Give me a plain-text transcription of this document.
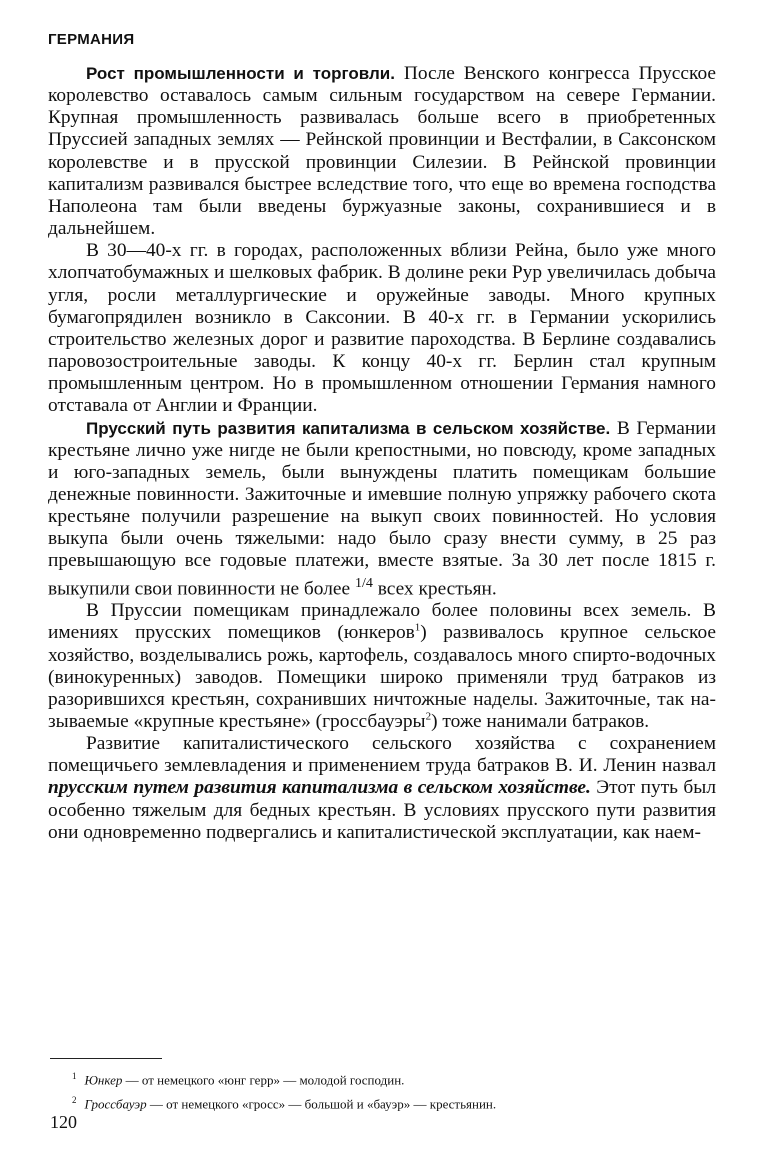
ГЕРМАНИЯ

Рост промышленности и торговли. После Венского конгресса Прусское королевство оставалось самым сильным государством на севере Германии. Крупная промышленность развивалась больше всего в приобретенных Пруссией западных землях — Рейнской провинции и Вестфалии, в Саксонском королевстве и в прусской провинции Силезии. В Рейнской провинции капитализм развивался быстрее вследствие того, что еще во времена господства Наполеона там были введены буржуазные законы, сохранившиеся и в дальнейшем.

В 30—40-х гг. в городах, расположенных вблизи Рейна, было уже много хлопчатобумажных и шелковых фабрик. В долине реки Рур увеличилась добыча угля, росли металлургические и оружейные заводы. Много крупных бумагопрядилен возникло в Саксонии. В 40-х гг. в Германии ускорились строительство железных дорог и развитие пароходства. В Берлине создавались паровозостроительные заводы. К концу 40-х гг. Берлин стал крупным промышленным центром. Но в промышленном отношении Германия намного отставала от Англии и Франции.

Прусский путь развития капитализма в сельском хозяйстве. В Германии крестьяне лично уже нигде не были крепостными, но повсюду, кроме западных и юго-западных земель, были вынуждены платить помещикам большие денежные повинности. Зажиточные и имевшие полную упряжку рабочего скота крестьяне получили разрешение на выкуп своих повинностей. Но условия выкупа были очень тяжелыми: надо было сразу внести сумму, в 25 раз превышающую все годовые платежи, вместе взятые. За 30 лет после 1815 г. выкупили свои повинности не более $^{1/4}$ всех крестьян.

В Пруссии помещикам принадлежало более половины всех земель. В имениях прусских помещиков (юнкеров$^1$) развивалось крупное сельское хозяйство, возделывались рожь, картофель, создавалось много спирто-водочных (винокуренных) заводов. Помещики широко применяли труд батраков из разорившихся крестьян, сохранивших ничтожные наделы. Зажиточные, так называемые «крупные крестьяне» (гроссбауэры$^2$) тоже нанимали батраков.

Развитие капиталистического сельского хозяйства с сохранением помещичьего землевладения и применением труда батраков В. И. Ленин назвал прусским путем развития капитализма в сельском хозяйстве. Этот путь был особенно тяжелым для бедных крестьян. В условиях прусского пути развития они одновременно подвергались и капиталистической эксплуатации, как наем-

$^1$ Юнкер — от немецкого «юнг герр» — молодой господин.

$^2$ Гроссбауэр — от немецкого «гросс» — большой и «бауэр» — крестьянин.

120
